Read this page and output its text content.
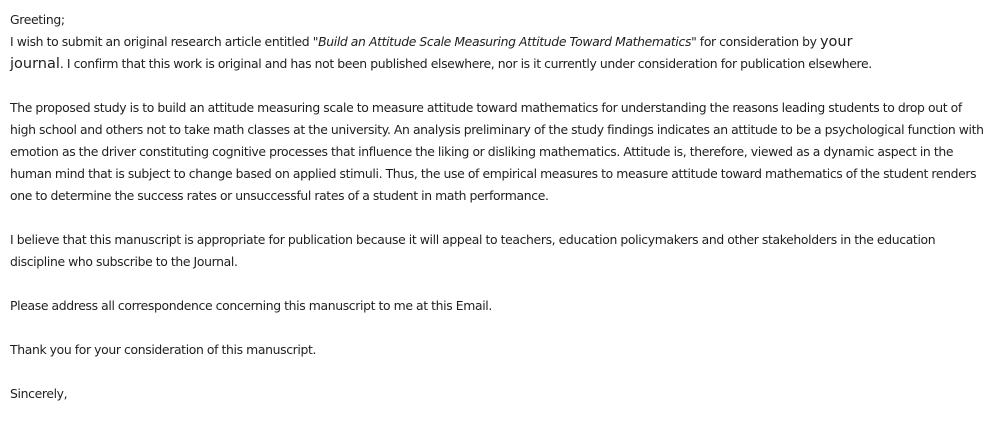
Greeting;

I wish to submit an original research article entitled "Build an Attitude Scale Measuring Attitude Toward Mathematics" for consideration by your
journal. I confirm that this work is original and has not been published elsewhere, nor is it currently under consideration for publication elsewhere.

The proposed study is to build an attitude measuring scale to measure attitude toward mathematics for understanding the reasons leading students to drop out of high school and others not to take math classes at the university. An analysis preliminary of the study findings indicates an attitude to be a psychological function with emotion as the driver constituting cognitive processes that influence the liking or disliking mathematics. Attitude is, therefore, viewed as a dynamic aspect in the human mind that is subject to change based on applied stimuli. Thus, the use of empirical measures to measure attitude toward mathematics of the student renders one to determine the success rates or unsuccessful rates of a student in math performance.

I believe that this manuscript is appropriate for publication because it will appeal to teachers, education policymakers and other stakeholders in the education discipline who subscribe to the Journal.

Please address all correspondence concerning this manuscript to me at this Email.

Thank you for your consideration of this manuscript.

Sincerely,
